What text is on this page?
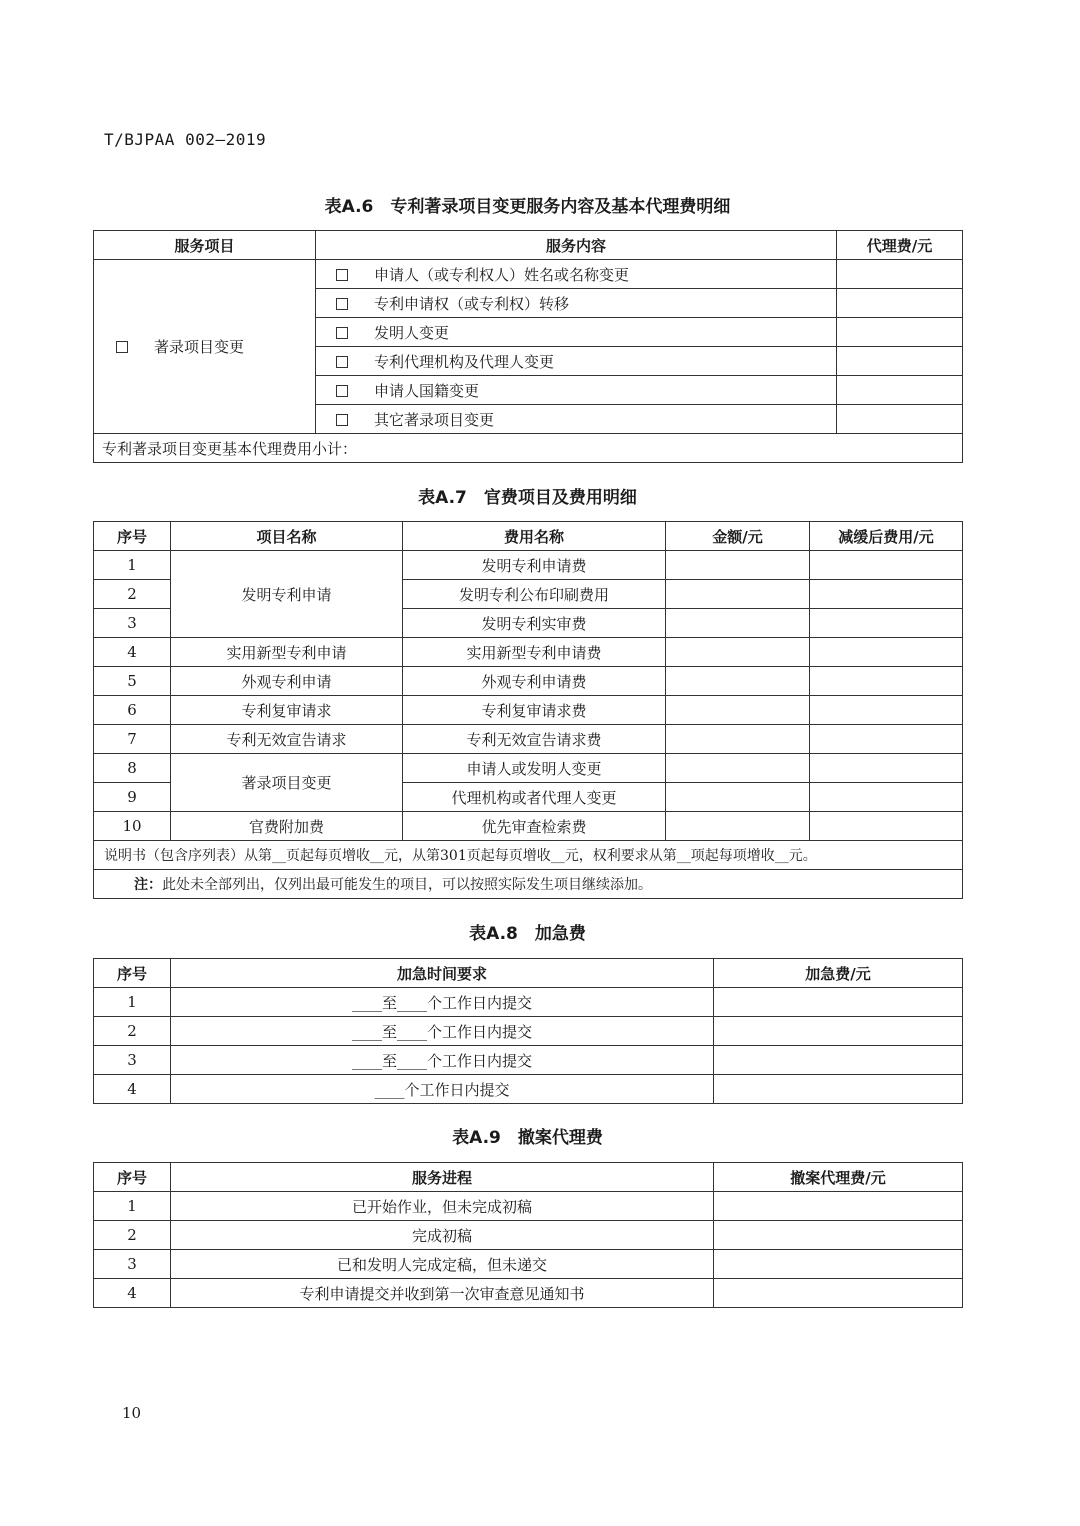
T/BJPAA 002—2019
表A.6　专利著录项目变更服务内容及基本代理费明细
服务项目	服务内容	代理费/元
著录项目变更	申请人（或专利权人）姓名或名称变更	
	专利申请权（或专利权）转移	
	发明人变更	
	专利代理机构及代理人变更	
	申请人国籍变更	
	其它著录项目变更	
专利著录项目变更基本代理费用小计：		
表A.7　官费项目及费用明细
序号	项目名称	费用名称	金额/元	减缓后费用/元
1	发明专利申请	发明专利申请费		
2		发明专利公布印刷费用		
3		发明专利实审费		
4	实用新型专利申请	实用新型专利申请费		
5	外观专利申请	外观专利申请费		
6	专利复审请求	专利复审请求费		
7	专利无效宣告请求	专利无效宣告请求费		
8	著录项目变更	申请人或发明人变更		
9		代理机构或者代理人变更		
10	官费附加费	优先审查检索费		
说明书（包含序列表）从第__页起每页增收__元，从第301页起每页增收__元，权利要求从第__项起每项增收__元。				
注：此处未全部列出，仅列出最可能发生的项目，可以按照实际发生项目继续添加。				
表A.8　加急费
序号	加急时间要求	加急费/元
1	____至____个工作日内提交	
2	____至____个工作日内提交	
3	____至____个工作日内提交	
4	____个工作日内提交	
表A.9　撤案代理费
序号	服务进程	撤案代理费/元
1	已开始作业，但未完成初稿	
2	完成初稿	
3	已和发明人完成定稿，但未递交	
4	专利申请提交并收到第一次审查意见通知书	
10
